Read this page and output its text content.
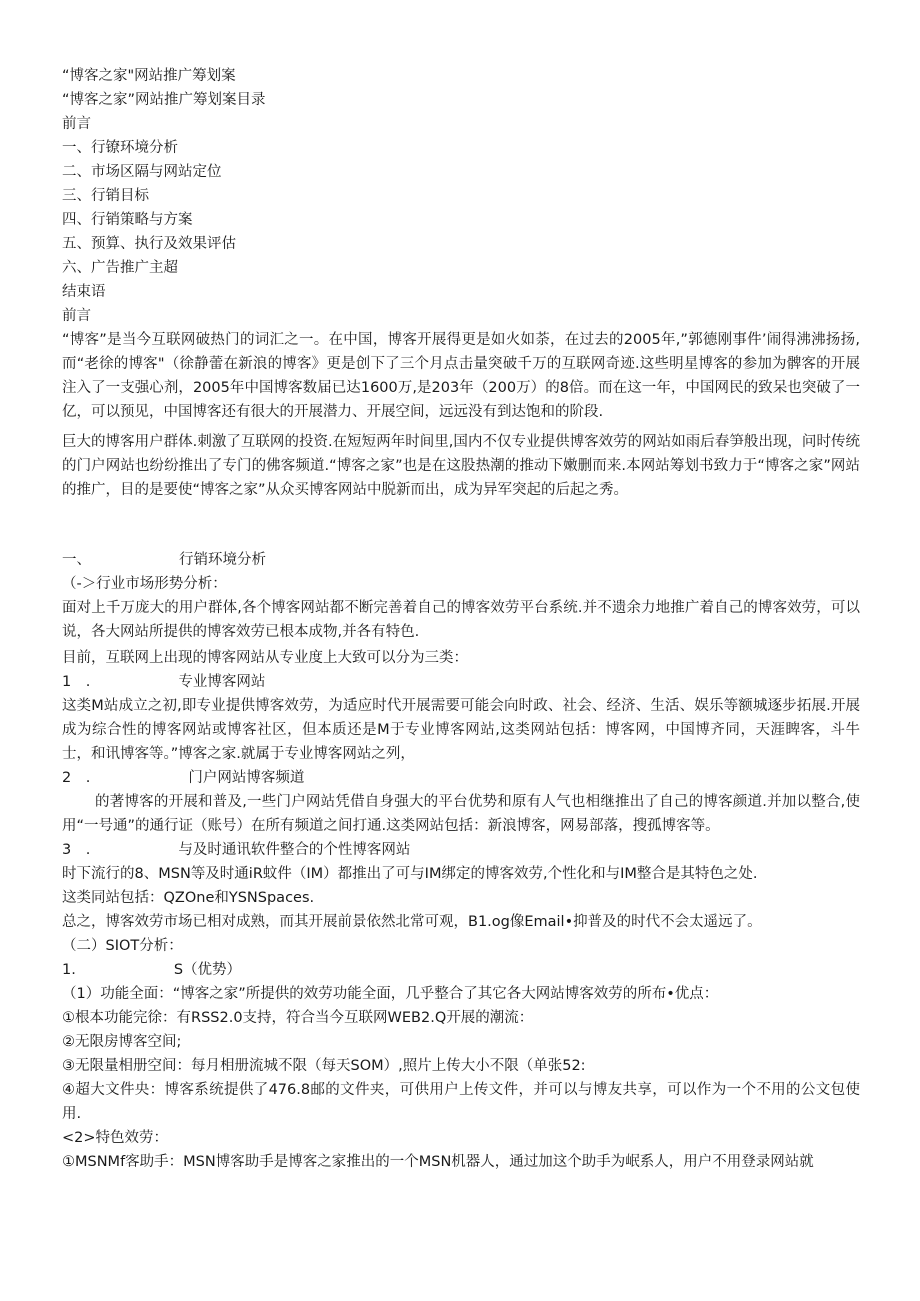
“博客之家"网站推广筹划案
“博客之家”网站推广筹划案目录
前言
一、行镣环境分析
二、市场区隔与网站定位
三、行销目标
四、行销策略与方案
五、预算、执行及效果评估
六、广告推广主超
结束语
前言
“博客”是当今互联网破热门的词汇之一。在中国，博客开展得更是如火如荼，在过去的2005年,”郭德刚事件’闹得沸沸扬扬,而“老徐的博客"（徐静蕾在新浪的博客》更是创下了三个月点击量突破千万的互联网奇迹.这些明星博客的参加为髀客的开展注入了一支强心剂，2005年中国博客数届已达1600万,是203年（200万）的8倍。而在这一年，中国网民的致呆也突破了一亿，可以预见，中国博客还有很大的开展潜力、开展空间，远远没有到达饱和的阶段.
巨大的博客用户群体.刺激了互联网的投资.在短短两年时间里,国内不仅专业提供博客效劳的网站如雨后春笋般出现，问时传统的门户网站也纷纷推出了专门的佛客频道.“博客之家”也是在这股热潮的推动下嫩删而来.本网站筹划书致力于“博客之家”网站的推广，目的是要使“博客之家”从众买博客网站中脱新而出，成为异军突起的后起之秀。
一、	行销环境分析
（-＞行业市场形势分析：
面对上千万庞大的用户群体,各个博客网站都不断完善着自己的博客效劳平台系统.并不遗余力地推广着自己的博客效劳，可以说，各大网站所提供的博客效劳已根本成物,并各有特色.
目前，互联网上出现的博客网站从专业度上大致可以分为三类：
1　.	专业博客网站
这类M站成立之初,即专业提供博客效劳，为适应时代开展需要可能会向时政、社会、经济、生活、娱乐等额城逐步拓展.开展成为综合性的博客网站或博客社区，但本质还是M于专业博客网站,这类网站包括：博客网，中国博齐同，天涯睥客，斗牛士，和讯博客等。”博客之家.就属于专业博客网站之列，
2　.	门户网站博客频道
的著博客的开展和普及,一些门户网站凭借自身强大的平台优势和原有人气也相继推出了自己的博客颜道.并加以整合,使用“一号通”的通行证（账号）在所有频道之间打通.这类网站包括：新浪博客，网易部落，搜孤博客等。
3　.	与及时通讯软件整合的个性博客网站
时下流行的8、MSN等及时通iR蚊件（IM）都推出了可与IM绑定的博客效劳,个性化和与IM整合是其特色之处.
这类同站包括：QZOne和YSNSpaces.
总之，博客效劳市场已相对成熟，而其开展前景依然北常可观，B1.og像Email•抑普及的时代不会太遥远了。
（二）SIOT分析：
1.	S（优势）
（1）功能全面：“博客之家”所提供的效劳功能全面，几乎整合了其它各大网站博客效劳的所布•优点：
①根本功能完徐：有RSS2.0支持，符合当今互联网WEB2.Q开展的潮流：
②无限房博客空间;
③无限量相册空间：每月相册流城不限（每天SOM）,照片上传大小不限（单张52:
④超大文件央：博客系统提供了476.8邮的文件夹，可供用户上传文件，并可以与博友共享，可以作为一个不用的公文包使用.
<2>特色效劳：
①MSNMf客助手：MSN博客助手是博客之家推出的一个MSN机器人，通过加这个助手为岷系人，用户不用登录网站就
